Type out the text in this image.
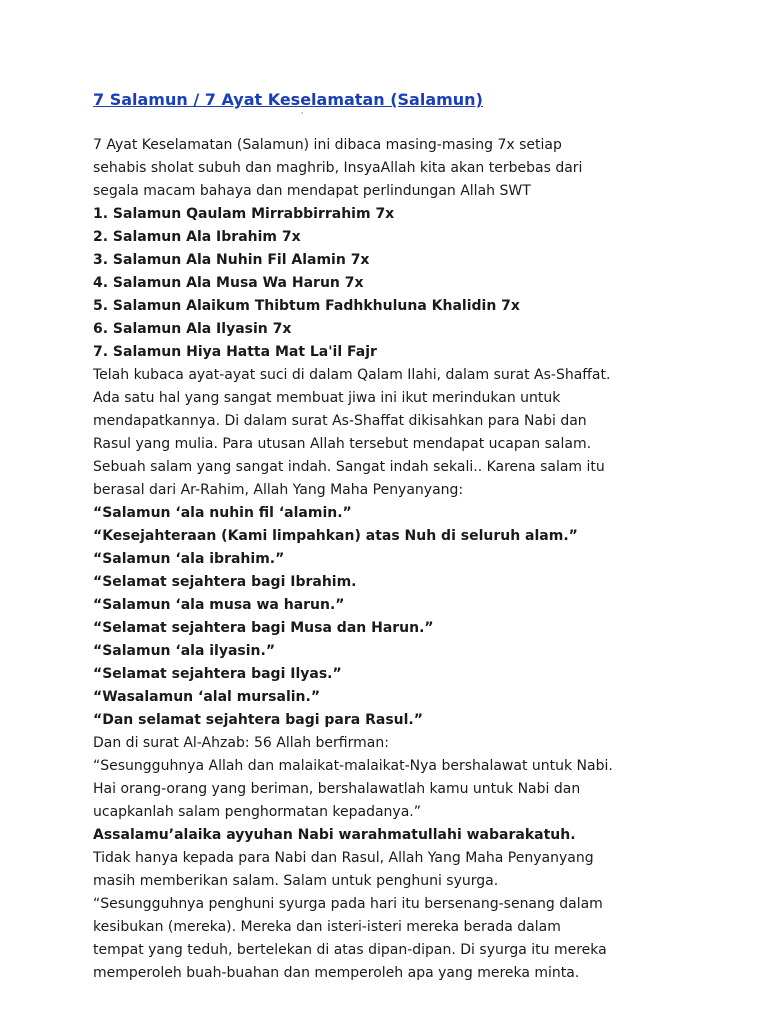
7 Salamun / 7 Ayat Keselamatan (Salamun)
'
7 Ayat Keselamatan (Salamun) ini dibaca masing-masing 7x setiap
sehabis sholat subuh dan maghrib, InsyaAllah kita akan terbebas dari
segala macam bahaya dan mendapat perlindungan Allah SWT
1. Salamun Qaulam Mirrabbirrahim 7x
2. Salamun Ala Ibrahim 7x
3. Salamun Ala Nuhin Fil Alamin 7x
4. Salamun Ala Musa Wa Harun 7x
5. Salamun Alaikum Thibtum Fadhkhuluna Khalidin 7x
6. Salamun Ala Ilyasin 7x
7. Salamun Hiya Hatta Mat La'il Fajr
Telah kubaca ayat-ayat suci di dalam Qalam Ilahi, dalam surat As-Shaffat.
Ada satu hal yang sangat membuat jiwa ini ikut merindukan untuk
mendapatkannya. Di dalam surat As-Shaffat dikisahkan para Nabi dan
Rasul yang mulia. Para utusan Allah tersebut mendapat ucapan salam.
Sebuah salam yang sangat indah. Sangat indah sekali.. Karena salam itu
berasal dari Ar-Rahim, Allah Yang Maha Penyanyang:
“Salamun ‘ala nuhin fil ‘alamin.”
“Kesejahteraan (Kami limpahkan) atas Nuh di seluruh alam.”
“Salamun ‘ala ibrahim.”
“Selamat sejahtera bagi Ibrahim.
“Salamun ‘ala musa wa harun.”
“Selamat sejahtera bagi Musa dan Harun.”
“Salamun ‘ala ilyasin.”
“Selamat sejahtera bagi Ilyas.”
“Wasalamun ‘alal mursalin.”
“Dan selamat sejahtera bagi para Rasul.”
Dan di surat Al-Ahzab: 56 Allah berfirman:
“Sesungguhnya Allah dan malaikat-malaikat-Nya bershalawat untuk Nabi.
Hai orang-orang yang beriman, bershalawatlah kamu untuk Nabi dan
ucapkanlah salam penghormatan kepadanya.”
Assalamu’alaika ayyuhan Nabi warahmatullahi wabarakatuh.
Tidak hanya kepada para Nabi dan Rasul, Allah Yang Maha Penyanyang
masih memberikan salam. Salam untuk penghuni syurga.
“Sesungguhnya penghuni syurga pada hari itu bersenang-senang dalam
kesibukan (mereka). Mereka dan isteri-isteri mereka berada dalam
tempat yang teduh, bertelekan di atas dipan-dipan. Di syurga itu mereka
memperoleh buah-buahan dan memperoleh apa yang mereka minta.
